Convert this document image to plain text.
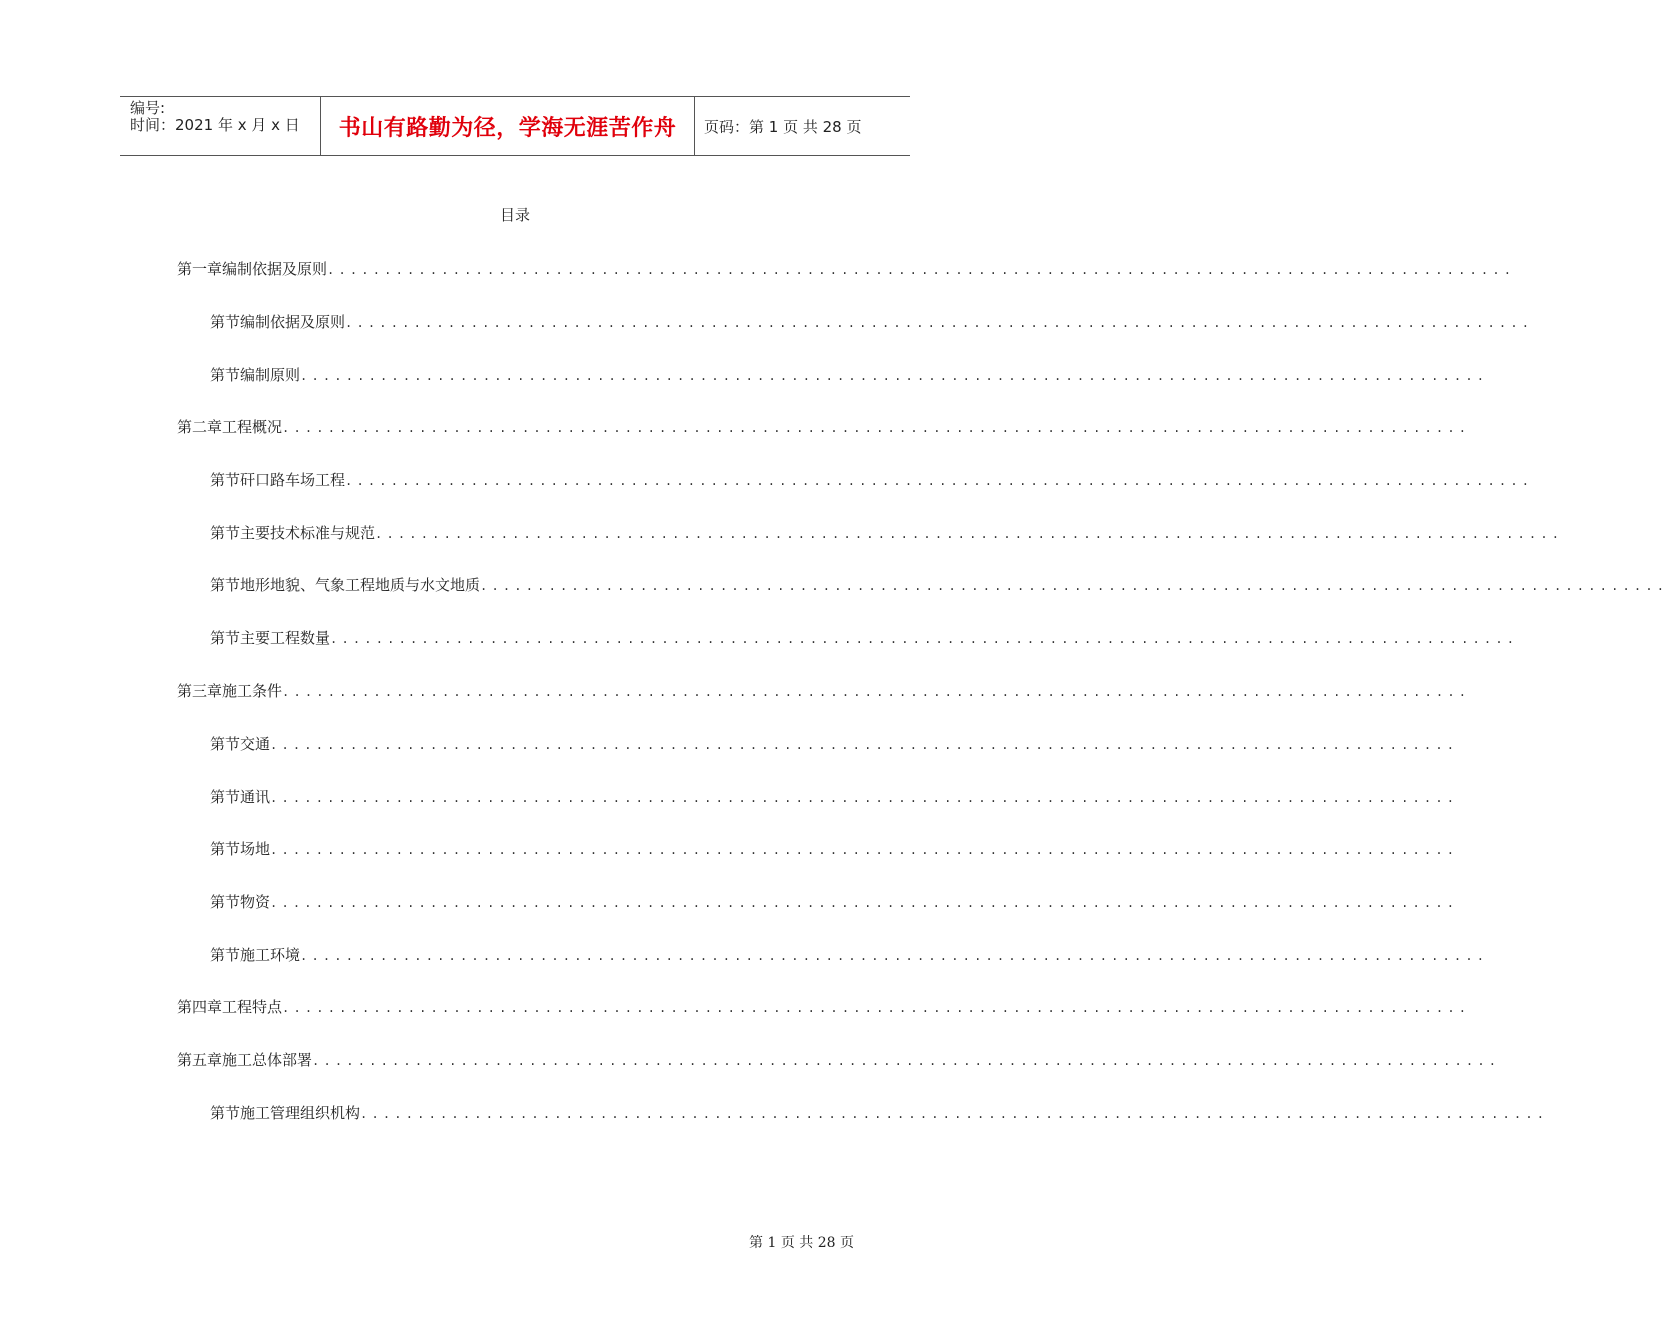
编号:
时间：2021 年 x 月 x 日	书山有路勤为径，学海无涯苦作舟	页码：第 1 页 共 28 页
目录
第一章 编制依据及原则 ........................................................................................................
第节 编制依据及原则 ........................................................................................................
第节 编制原则 ........................................................................................................
第二章 工程概况 ........................................................................................................
第节 矸口路车场工程 ........................................................................................................
第节 主要技术标准与规范 ........................................................................................................
第节 地形地貌、气象工程地质与水文地质 ........................................................................................................
第节 主要工程数量 ........................................................................................................
第三章 施工条件 ........................................................................................................
第节 交通 ........................................................................................................
第节 通讯 ........................................................................................................
第节 场地 ........................................................................................................
第节 物资 ........................................................................................................
第节 施工环境 ........................................................................................................
第四章 工程特点 ........................................................................................................
第五章 施工总体部署 ........................................................................................................
第节 施工管理组织机构 ........................................................................................................
第 1 页 共 28 页
